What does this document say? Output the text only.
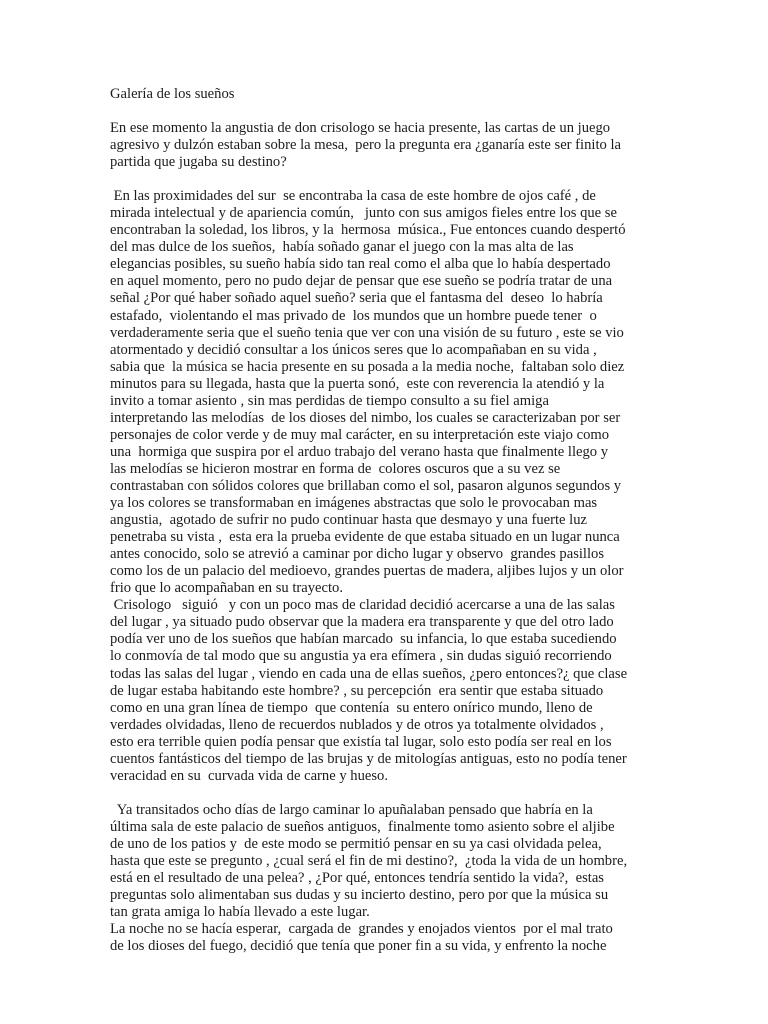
Galería de los sueños

En ese momento la angustia de don crisologo se hacia presente, las cartas de un juego
agresivo y dulzón estaban sobre la mesa,  pero la pregunta era ¿ganaría este ser finito la
partida que jugaba su destino?

En las proximidades del sur  se encontraba la casa de este hombre de ojos café , de
mirada intelectual y de apariencia común,   junto con sus amigos fieles entre los que se
encontraban la soledad, los libros, y la  hermosa  música., Fue entonces cuando despertó
del mas dulce de los sueños,  había soñado ganar el juego con la mas alta de las
elegancias posibles, su sueño había sido tan real como el alba que lo había despertado
en aquel momento, pero no pudo dejar de pensar que ese sueño se podría tratar de una
señal ¿Por qué haber soñado aquel sueño? seria que el fantasma del  deseo  lo habría
estafado,  violentando el mas privado de  los mundos que un hombre puede tener  o
verdaderamente seria que el sueño tenia que ver con una visión de su futuro , este se vio
atormentado y decidió consultar a los únicos seres que lo acompañaban en su vida ,
sabia que  la música se hacia presente en su posada a la media noche,  faltaban solo diez
minutos para su llegada, hasta que la puerta sonó,  este con reverencia la atendió y la
invito a tomar asiento , sin mas perdidas de tiempo consulto a su fiel amiga
interpretando las melodías  de los dioses del nimbo, los cuales se caracterizaban por ser
personajes de color verde y de muy mal carácter, en su interpretación este viajo como
una  hormiga que suspira por el arduo trabajo del verano hasta que finalmente llego y
las melodías se hicieron mostrar en forma de  colores oscuros que a su vez se
contrastaban con sólidos colores que brillaban como el sol, pasaron algunos segundos y
ya los colores se transformaban en imágenes abstractas que solo le provocaban mas
angustia,  agotado de sufrir no pudo continuar hasta que desmayo y una fuerte luz
penetraba su vista ,  esta era la prueba evidente de que estaba situado en un lugar nunca
antes conocido, solo se atrevió a caminar por dicho lugar y observo  grandes pasillos
como los de un palacio del medioevo, grandes puertas de madera, aljibes lujos y un olor
frio que lo acompañaban en su trayecto.
Crisologo   siguió   y con un poco mas de claridad decidió acercarse a una de las salas
del lugar , ya situado pudo observar que la madera era transparente y que del otro lado
podía ver uno de los sueños que habían marcado  su infancia, lo que estaba sucediendo
lo conmovía de tal modo que su angustia ya era efímera , sin dudas siguió recorriendo
todas las salas del lugar , viendo en cada una de ellas sueños, ¿pero entonces?¿ que clase
de lugar estaba habitando este hombre? , su percepción  era sentir que estaba situado
como en una gran línea de tiempo  que contenía  su entero onírico mundo, lleno de
verdades olvidadas, lleno de recuerdos nublados y de otros ya totalmente olvidados ,
esto era terrible quien podía pensar que existía tal lugar, solo esto podía ser real en los
cuentos fantásticos del tiempo de las brujas y de mitologías antiguas, esto no podía tener
veracidad en su  curvada vida de carne y hueso.

Ya transitados ocho días de largo caminar lo apuñalaban pensado que habría en la
última sala de este palacio de sueños antiguos,  finalmente tomo asiento sobre el aljibe
de uno de los patios y  de este modo se permitió pensar en su ya casi olvidada pelea,
hasta que este se pregunto , ¿cual será el fin de mi destino?,  ¿toda la vida de un hombre,
está en el resultado de una pelea? , ¿Por qué, entonces tendría sentido la vida?,  estas
preguntas solo alimentaban sus dudas y su incierto destino, pero por que la música su
tan grata amiga lo había llevado a este lugar.
La noche no se hacía esperar,  cargada de  grandes y enojados vientos  por el mal trato
de los dioses del fuego, decidió que tenía que poner fin a su vida, y enfrento la noche
